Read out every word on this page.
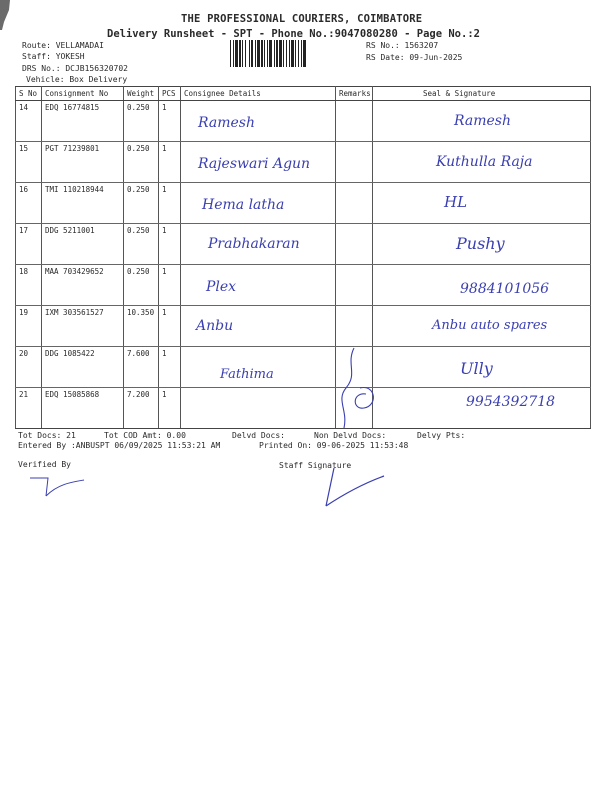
THE PROFESSIONAL COURIERS, COIMBATORE
Delivery Runsheet - SPT - Phone No.:9047080280 - Page No.:2
Route: VELLAMADAI
Staff: YOKESH
DRS No.: DCJB156320702
Vehicle: Box Delivery
RS No.: 1563207
RS Date: 09-Jun-2025
S No	Consignment No	Weight	PCS	Consignee Details	Remarks	Seal & Signature
14	EDQ 16774815	0.250	1	Ramesh		Ramesh

15	PGT 71239801	0.250	1	Rajeswari Agun		Kuthulla Raja

16	TMI 110218944	0.250	1	Hema latha		HL

17	DDG 5211001	0.250	1	Prabhakaran		Pushy

18	MAA 703429652	0.250	1	Plex		9884101056

19	IXM 303561527	10.350	1	Anbu		Anbu auto spares

20	DDG 1085422	7.600	1	Fathima		Ully

21	EDQ 15085868	7.200	1			9954392718
Tot Docs: 21	Tot COD Amt: 0.00	Delvd Docs:	Non Delvd Docs:	Delvy Pts:
Entered By :ANBUSPT 06/09/2025 11:53:21 AM	Printed On: 09-06-2025 11:53:48
Verified By	Staff Signature
